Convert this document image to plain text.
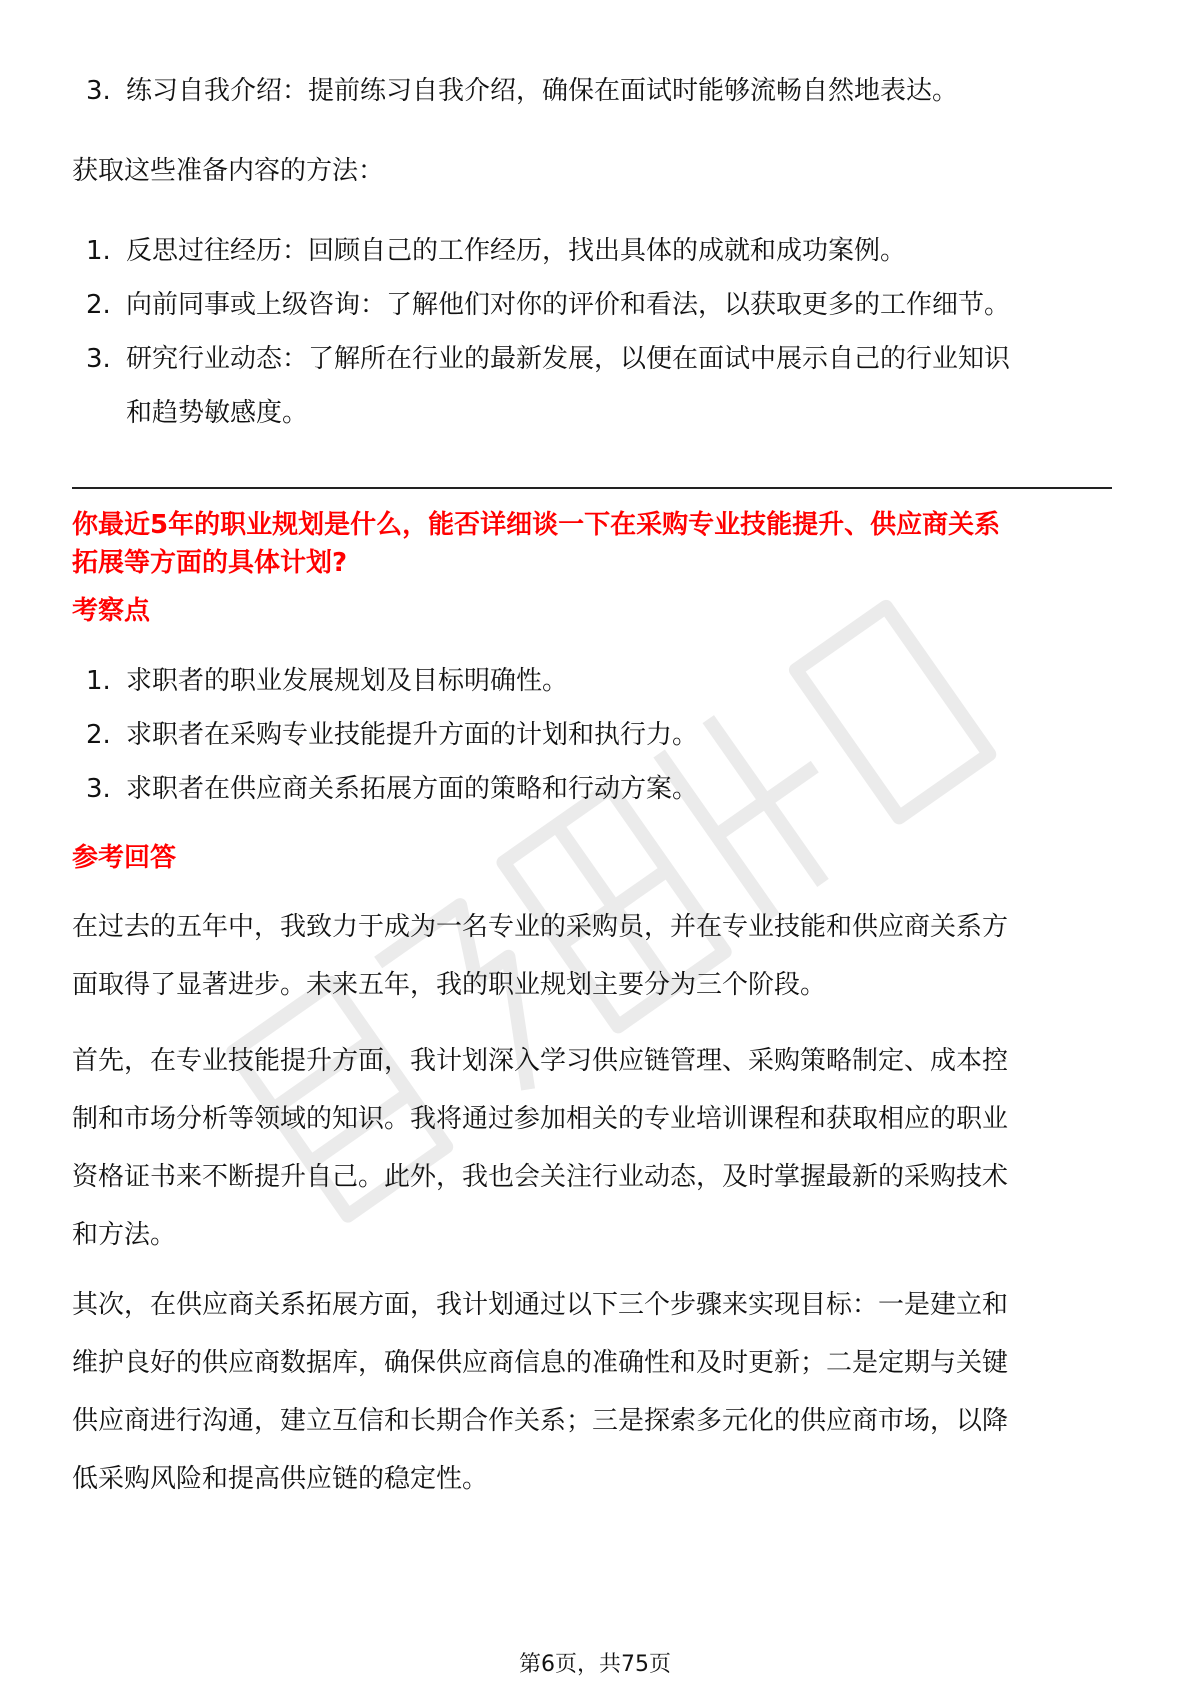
3. 练习自我介绍：提前练习自我介绍，确保在面试时能够流畅自然地表达。
获取这些准备内容的方法：
1. 反思过往经历：回顾自己的工作经历，找出具体的成就和成功案例。
2. 向前同事或上级咨询：了解他们对你的评价和看法，以获取更多的工作细节。
3. 研究行业动态：了解所在行业的最新发展，以便在面试中展示自己的行业知识
和趋势敏感度。
你最近5年的职业规划是什么，能否详细谈一下在采购专业技能提升、供应商关系
拓展等方面的具体计划?
考察点
1. 求职者的职业发展规划及目标明确性。
2. 求职者在采购专业技能提升方面的计划和执行力。
3. 求职者在供应商关系拓展方面的策略和行动方案。
参考回答
在过去的五年中，我致力于成为一名专业的采购员，并在专业技能和供应商关系方
面取得了显著进步。未来五年，我的职业规划主要分为三个阶段。
首先，在专业技能提升方面，我计划深入学习供应链管理、采购策略制定、成本控
制和市场分析等领域的知识。我将通过参加相关的专业培训课程和获取相应的职业
资格证书来不断提升自己。此外，我也会关注行业动态，及时掌握最新的采购技术
和方法。
其次，在供应商关系拓展方面，我计划通过以下三个步骤来实现目标：一是建立和
维护良好的供应商数据库，确保供应商信息的准确性和及时更新；二是定期与关键
供应商进行沟通，建立互信和长期合作关系；三是探索多元化的供应商市场，以降
低采购风险和提高供应链的稳定性。
第6页，共75页
